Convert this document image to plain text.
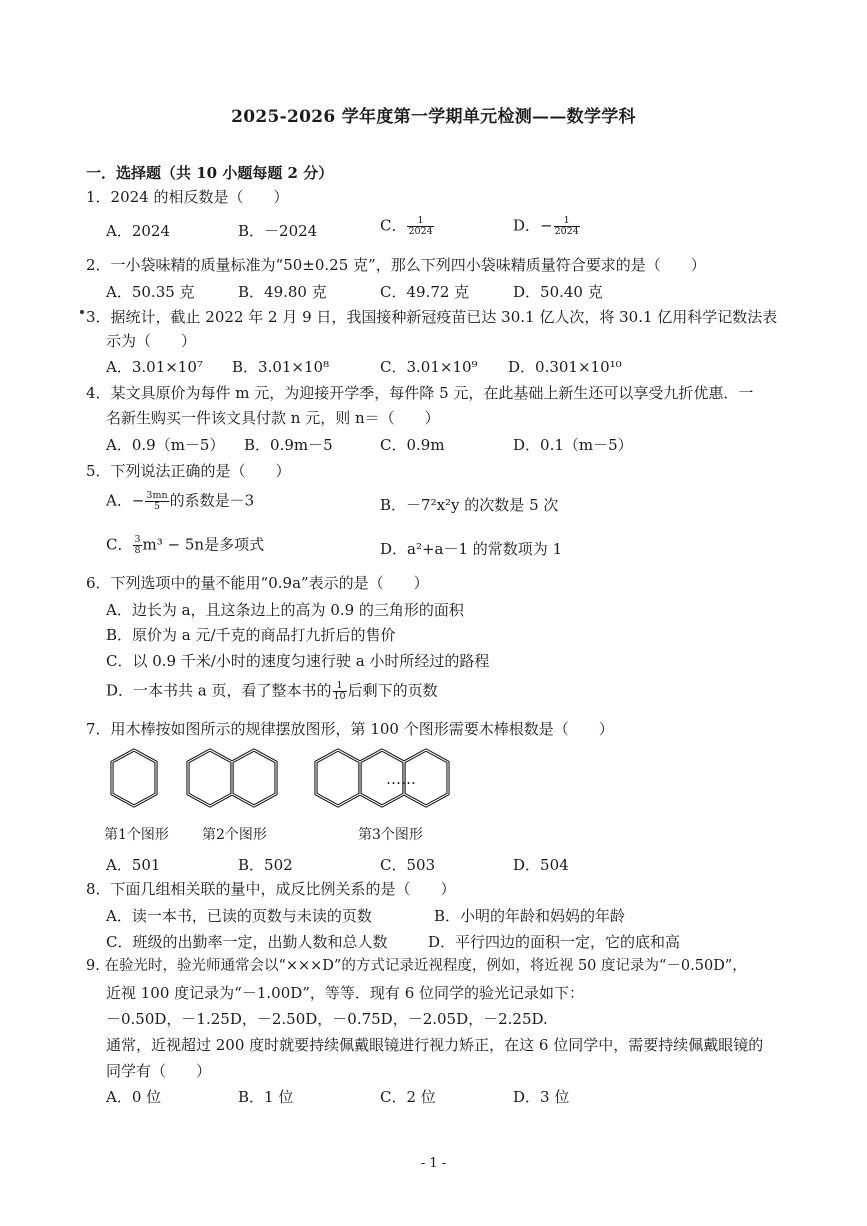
2025-2026 学年度第一学期单元检测——数学学科
一．选择题（共 10 小题每题 2 分）
1．2024 的相反数是（　　）
A．2024	B．－2024	C． $\frac{1}{2024}$	D．− $\frac{1}{2024}$
2．一小袋味精的质量标准为“50±0.25 克”，那么下列四小袋味精质量符合要求的是（　　）
A．50.35 克	B．49.80 克	C．49.72 克	D．50.40 克
3．据统计，截止 2022 年 2 月 9 日，我国接种新冠疫苗已达 30.1 亿人次，将 30.1 亿用科学记数法表
示为（　　）
A．3.01×10⁷ B．3.01×10⁸	C．3.01×10⁹ D．0.301×10¹⁰
4．某文具原价为每件 m 元，为迎接开学季，每件降 5 元，在此基础上新生还可以享受九折优惠．一
名新生购买一件该文具付款 n 元，则 n＝（　　）
A．0.9（m－5） B．0.9m－5	C．0.9m	D．0.1（m－5）
5．下列说法正确的是（　　）
A．− $\frac{3mn}{5}$ 的系数是－3	B．－7²x²y 的次数是 5 次
C． $\frac{3}{8} m^3 - 5n$是多项式	D．a²+a－1 的常数项为 1
6．下列选项中的量不能用“0.9a”表示的是（　　）
A．边长为 a，且这条边上的高为 0.9 的三角形的面积
B．原价为 a 元/千克的商品打九折后的售价
C．以 0.9 千米/小时的速度匀速行驶 a 小时所经过的路程
D．一本书共 a 页，看了整本书的 $\frac{1}{10}$ 后剩下的页数
7．用木棒按如图所示的规律摆放图形，第 100 个图形需要木棒根数是（　　）
……
第1个图形 第2个图形	第3个图形
A．501	B．502	C．503	D．504
8．下面几组相关联的量中，成反比例关系的是（　　）
A．读一本书，已读的页数与未读的页数	B．小明的年龄和妈妈的年龄
C．班级的出勤率一定，出勤人数和总人数	D．平行四边的面积一定，它的底和高
9. 在验光时，验光师通常会以“×××D”的方式记录近视程度，例如，将近视 50 度记录为“－0.50D”，
近视 100 度记录为“－1.00D”，等等．现有 6 位同学的验光记录如下：
－0.50D，－1.25D，－2.50D，－0.75D，－2.05D，－2.25D.
通常，近视超过 200 度时就要持续佩戴眼镜进行视力矫正，在这 6 位同学中，需要持续佩戴眼镜的
同学有（　　）
A．0 位	B．1 位	C．2 位	D．3 位
- 1 -
